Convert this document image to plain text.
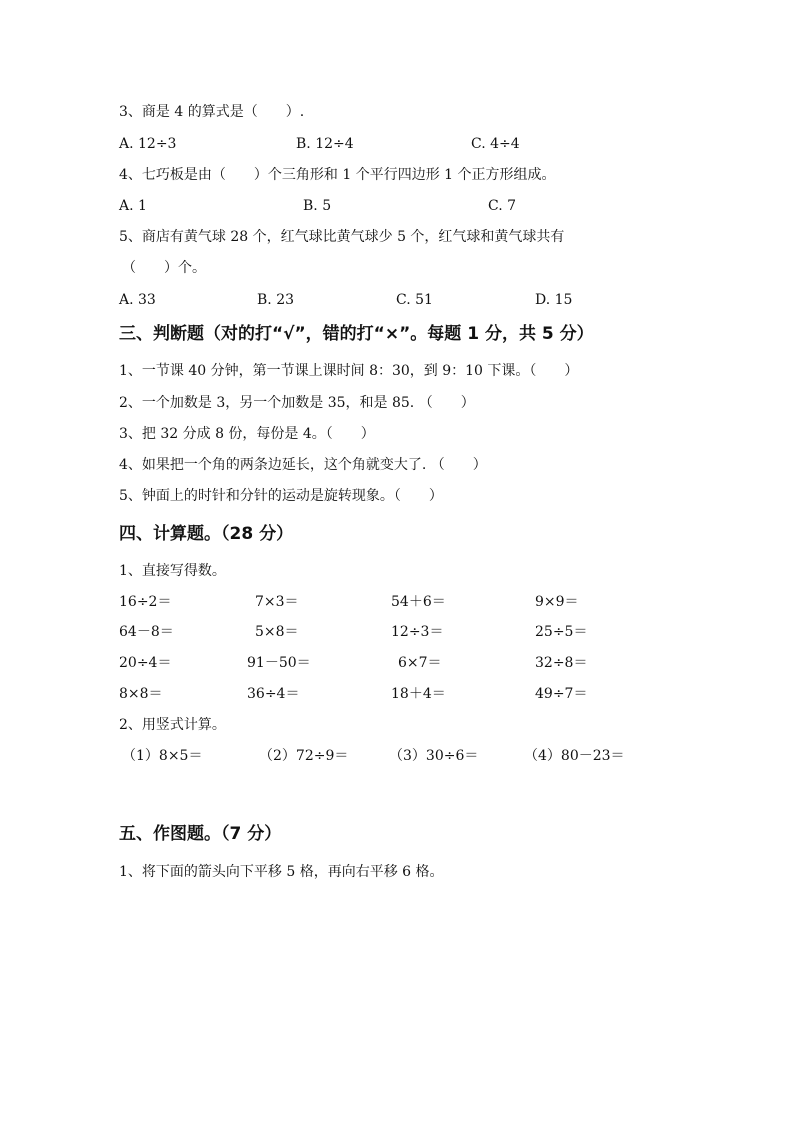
3、商是 4 的算式是（　　）.
A. 12÷3	B. 12÷4	C. 4÷4
4、七巧板是由（　　）个三角形和 1 个平行四边形 1 个正方形组成。
A. 1	B. 5	C. 7
5、商店有黄气球 28 个，红气球比黄气球少 5 个，红气球和黄气球共有
（　　）个。
A. 33	B. 23	C. 51	D. 15
三、判断题（对的打“√”，错的打“×”。每题 1 分，共 5 分）
1、一节课 40 分钟，第一节课上课时间 8：30，到 9：10 下课。（　　）
2、一个加数是 3，另一个加数是 35，和是 85. （　　）
3、把 32 分成 8 份，每份是 4。（　　）
4、如果把一个角的两条边延长，这个角就变大了. （　　）
5、钟面上的时针和分针的运动是旋转现象。（　　）
四、计算题。（28 分）
1、直接写得数。
16÷2＝	7×3＝	54＋6＝	9×9＝
64－8＝	5×8＝	12÷3＝	25÷5＝
20÷4＝	91－50＝	6×7＝	32÷8＝
8×8＝	36÷4＝	18＋4＝	49÷7＝
2、用竖式计算。
（1）8×5＝	（2）72÷9＝	（3）30÷6＝	（4）80－23＝
五、作图题。（7 分）
1、将下面的箭头向下平移 5 格，再向右平移 6 格。
